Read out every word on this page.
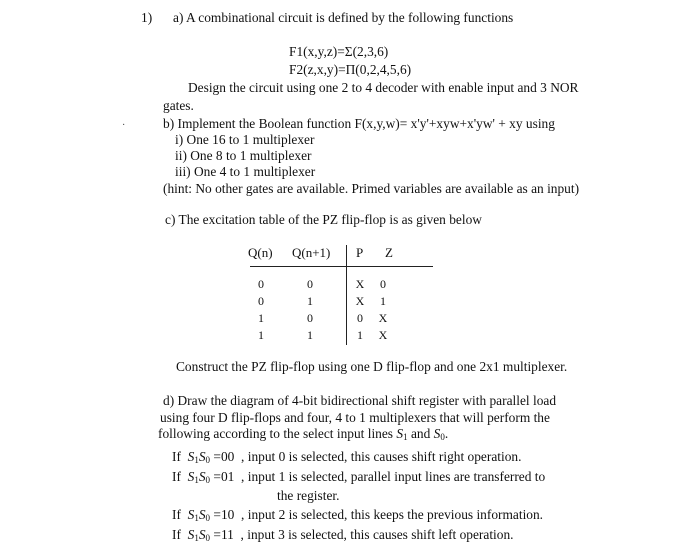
1) a) A combinational circuit is defined by the following functions
F1(x,y,z)=Σ(2,3,6)
F2(z,x,y)=Π(0,2,4,5,6)
Design the circuit using one 2 to 4 decoder with enable input and 3 NOR
gates.
·	b) Implement the Boolean function F(x,y,w)= x'y'+xyw+x'yw' + xy using
i) One 16 to 1 multiplexer
ii) One 8 to 1 multiplexer
iii) One 4 to 1 multiplexer
(hint: No other gates are available. Primed variables are available as an input)
c) The excitation table of the PZ flip-flop is as given below
Q(n) Q(n+1) P Z
0	0	X	0
0	1	X	1
1	0	0	X
1	1	1	X
Construct the PZ flip-flop using one D flip-flop and one 2x1 multiplexer.
d) Draw the diagram of 4-bit bidirectional shift register with parallel load
using four D flip-flops and four, 4 to 1 multiplexers that will perform the
following according to the select input lines $S_1$ and $S_0$.
If  $S_1S_0 =00$ , input 0 is selected, this causes shift right operation.
If  $S_1S_0 =01$ , input 1 is selected, parallel input lines are transferred to
the register.
If  $S_1S_0 =10$ , input 2 is selected, this keeps the previous information.
If  $S_1S_0 =11$ , input 3 is selected, this causes shift left operation.
